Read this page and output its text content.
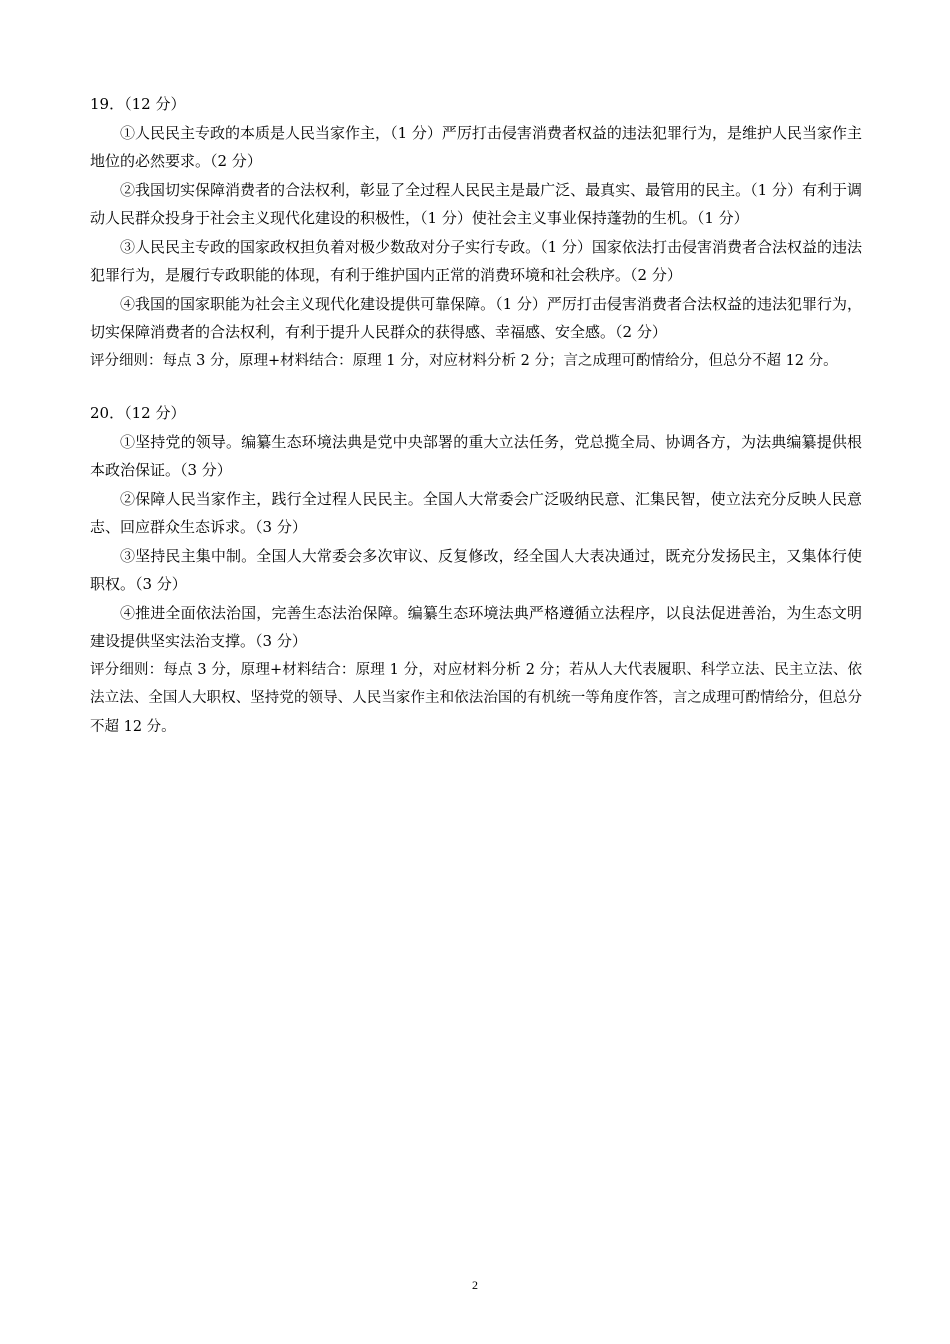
19．（12 分）

①人民民主专政的本质是人民当家作主，（1 分）严厉打击侵害消费者权益的违法犯罪行为，是维护人民当家作主地位的必然要求。（2 分）

②我国切实保障消费者的合法权利，彰显了全过程人民民主是最广泛、最真实、最管用的民主。（1 分）有利于调动人民群众投身于社会主义现代化建设的积极性，（1 分）使社会主义事业保持蓬勃的生机。（1 分）

③人民民主专政的国家政权担负着对极少数敌对分子实行专政。（1 分）国家依法打击侵害消费者合法权益的违法犯罪行为，是履行专政职能的体现，有利于维护国内正常的消费环境和社会秩序。（2 分）

④我国的国家职能为社会主义现代化建设提供可靠保障。（1 分）严厉打击侵害消费者合法权益的违法犯罪行为，切实保障消费者的合法权利，有利于提升人民群众的获得感、幸福感、安全感。（2 分）

评分细则：每点 3 分，原理+材料结合：原理 1 分，对应材料分析 2 分；言之成理可酌情给分，但总分不超 12 分。

20．（12 分）

①坚持党的领导。编纂生态环境法典是党中央部署的重大立法任务，党总揽全局、协调各方，为法典编纂提供根本政治保证。（3 分）

②保障人民当家作主，践行全过程人民民主。全国人大常委会广泛吸纳民意、汇集民智，使立法充分反映人民意志、回应群众生态诉求。（3 分）

③坚持民主集中制。全国人大常委会多次审议、反复修改，经全国人大表决通过，既充分发扬民主，又集体行使职权。（3 分）

④推进全面依法治国，完善生态法治保障。编纂生态环境法典严格遵循立法程序，以良法促进善治，为生态文明建设提供坚实法治支撑。（3 分）

评分细则：每点 3 分，原理+材料结合：原理 1 分，对应材料分析 2 分；若从人大代表履职、科学立法、民主立法、依法立法、全国人大职权、坚持党的领导、人民当家作主和依法治国的有机统一等角度作答，言之成理可酌情给分，但总分不超 12 分。

2
